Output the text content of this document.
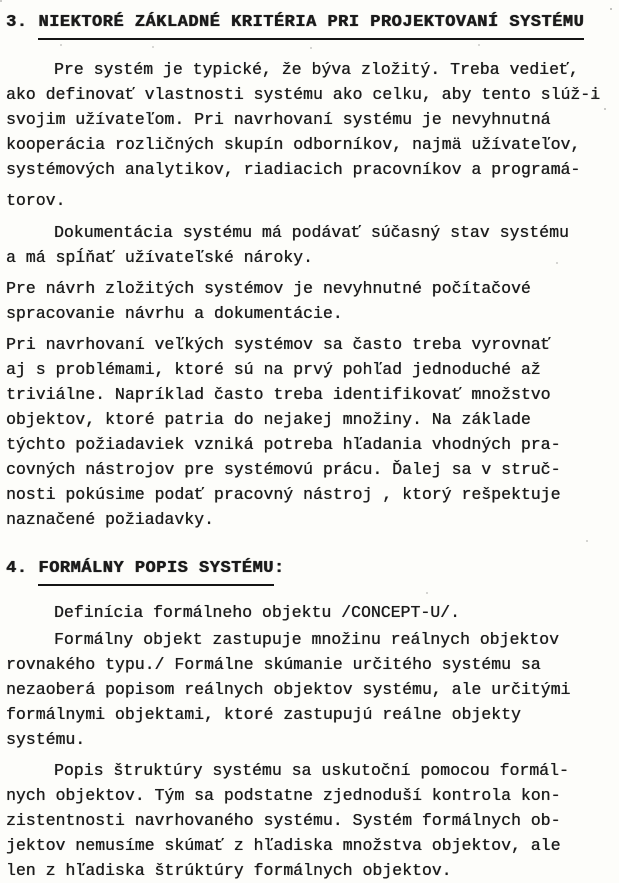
3. NIEKTORÉ ZÁKLADNÉ KRITÉRIA PRI PROJEKTOVANÍ SYSTÉMU
Pre systém je typické, že býva zložitý. Treba vedieť,
ako definovať vlastnosti systému ako celku, aby tento slúž-i
svojim užívateľom. Pri navrhovaní systému je nevyhnutná
kooperácia rozličných skupín odborníkov, najmä užívateľov,
systémových analytikov, riadiacich pracovníkov a programá-
torov.
Dokumentácia systému má podávať súčasný stav systému
a má spĺňať užívateľské nároky.
Pre návrh zložitých systémov je nevyhnutné počítačové
spracovanie návrhu a dokumentácie.
Pri navrhovaní veľkých systémov sa často treba vyrovnať
aj s problémami, ktoré sú na prvý pohľad jednoduché až
triviálne. Napríklad často treba identifikovať množstvo
objektov, ktoré patria do nejakej množiny. Na základe
týchto požiadaviek vzniká potreba hľadania vhodných pra-
covných nástrojov pre systémovú prácu. Ďalej sa v struč-
nosti pokúsime podať pracovný nástroj , ktorý rešpektuje
naznačené požiadavky.
4. FORMÁLNY POPIS SYSTÉMU:
Definícia formálneho objektu /CONCEPT-U/.
Formálny objekt zastupuje množinu reálnych objektov
rovnakého typu./ Formálne skúmanie určitého systému sa
nezaoberá popisom reálnych objektov systému, ale určitými
formálnymi objektami, ktoré zastupujú reálne objekty
systému.
Popis štruktúry systému sa uskutoční pomocou formál-
nych objektov. Tým sa podstatne zjednoduší kontrola kon-
zistentnosti navrhovaného systému. Systém formálnych ob-
jektov nemusíme skúmať z hľadiska množstva objektov, ale
len z hľadiska štrúktúry formálnych objektov.
